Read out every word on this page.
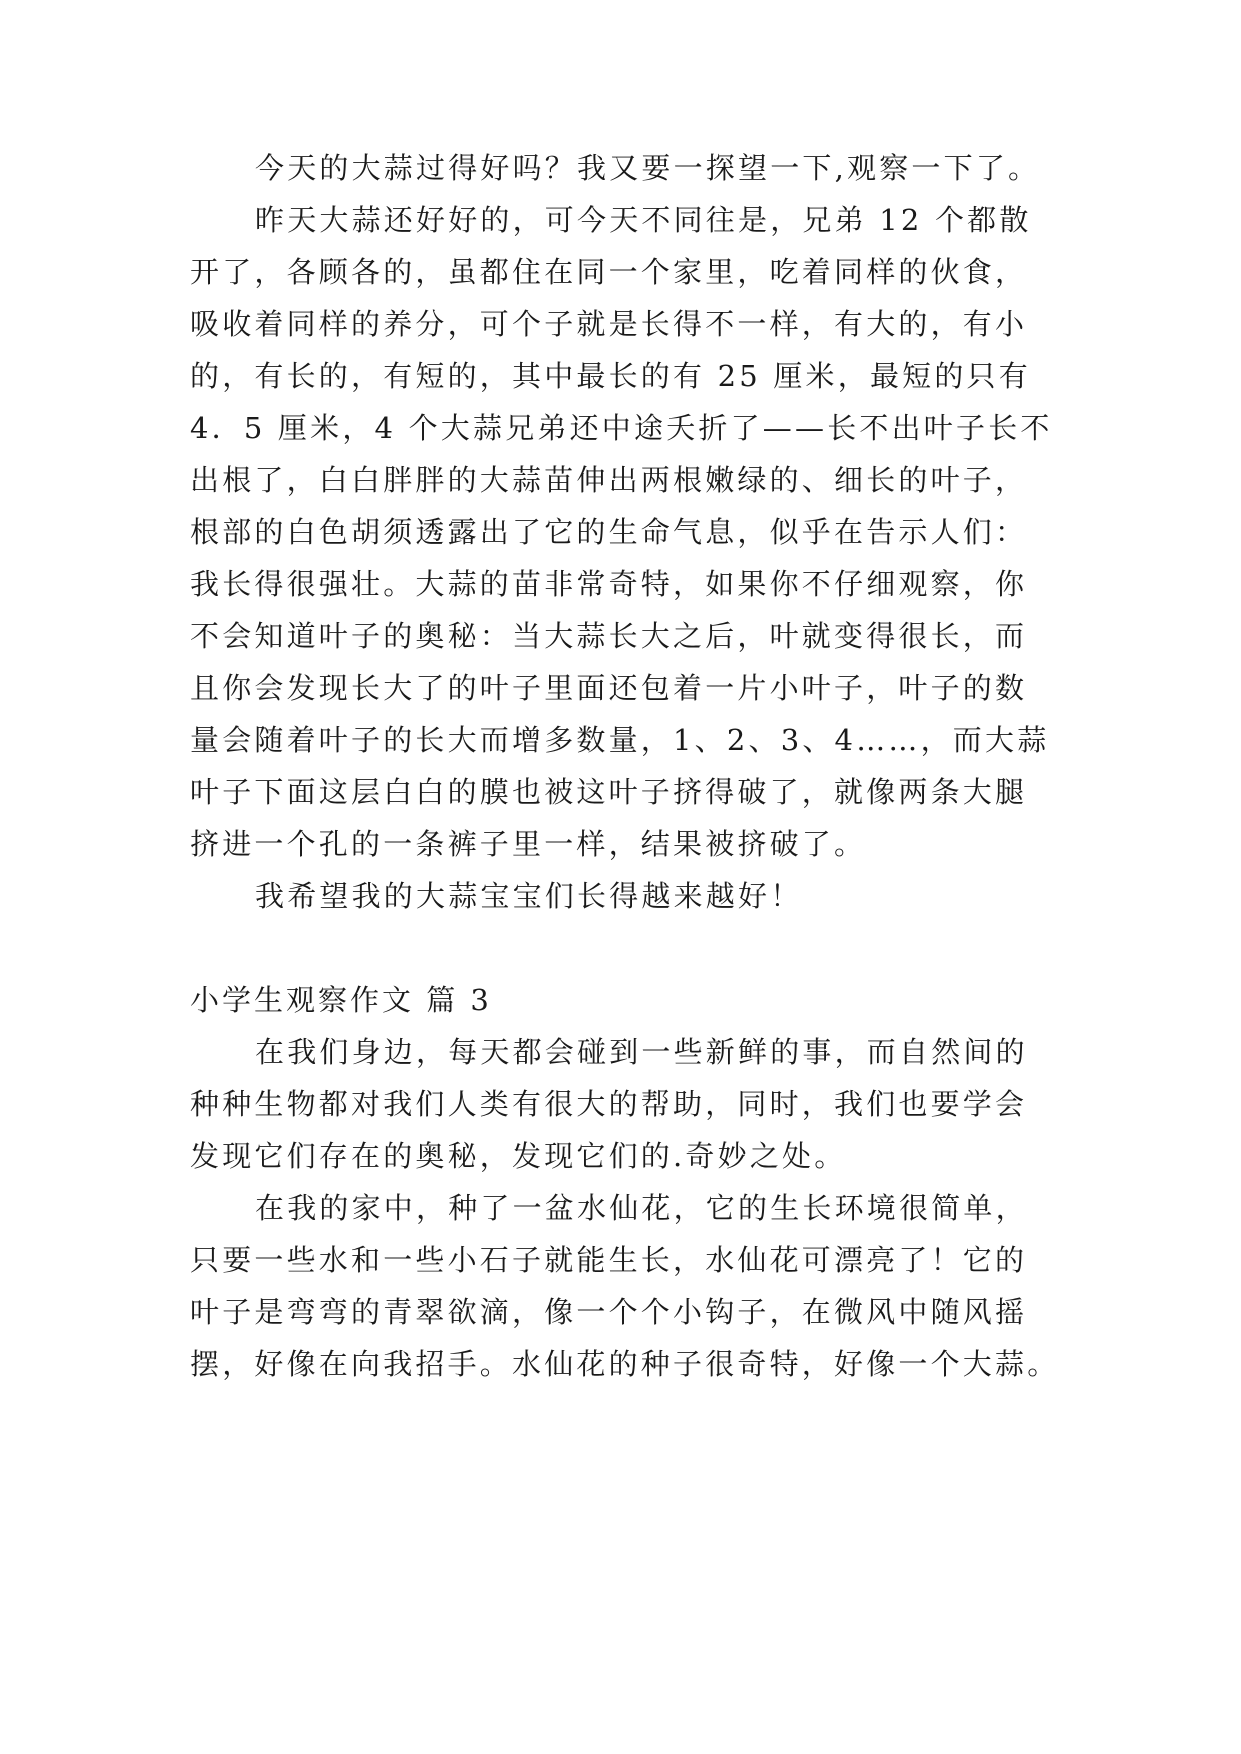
今天的大蒜过得好吗？我又要一探望一下,观察一下了。
昨天大蒜还好好的，可今天不同往是，兄弟 12 个都散
开了，各顾各的，虽都住在同一个家里，吃着同样的伙食，
吸收着同样的养分，可个子就是长得不一样，有大的，有小
的，有长的，有短的，其中最长的有 25 厘米，最短的只有
4．5 厘米，4 个大蒜兄弟还中途夭折了——长不出叶子长不
出根了，白白胖胖的大蒜苗伸出两根嫩绿的、细长的叶子，
根部的白色胡须透露出了它的生命气息，似乎在告示人们：
我长得很强壮。大蒜的苗非常奇特，如果你不仔细观察，你
不会知道叶子的奥秘：当大蒜长大之后，叶就变得很长，而
且你会发现长大了的叶子里面还包着一片小叶子，叶子的数
量会随着叶子的长大而增多数量，1、2、3、4……，而大蒜
叶子下面这层白白的膜也被这叶子挤得破了，就像两条大腿
挤进一个孔的一条裤子里一样，结果被挤破了。
我希望我的大蒜宝宝们长得越来越好！
小学生观察作文 篇 3
在我们身边，每天都会碰到一些新鲜的事，而自然间的
种种生物都对我们人类有很大的帮助，同时，我们也要学会
发现它们存在的奥秘，发现它们的.奇妙之处。
在我的家中，种了一盆水仙花，它的生长环境很简单，
只要一些水和一些小石子就能生长，水仙花可漂亮了！它的
叶子是弯弯的青翠欲滴，像一个个小钩子，在微风中随风摇
摆，好像在向我招手。水仙花的种子很奇特，好像一个大蒜。
